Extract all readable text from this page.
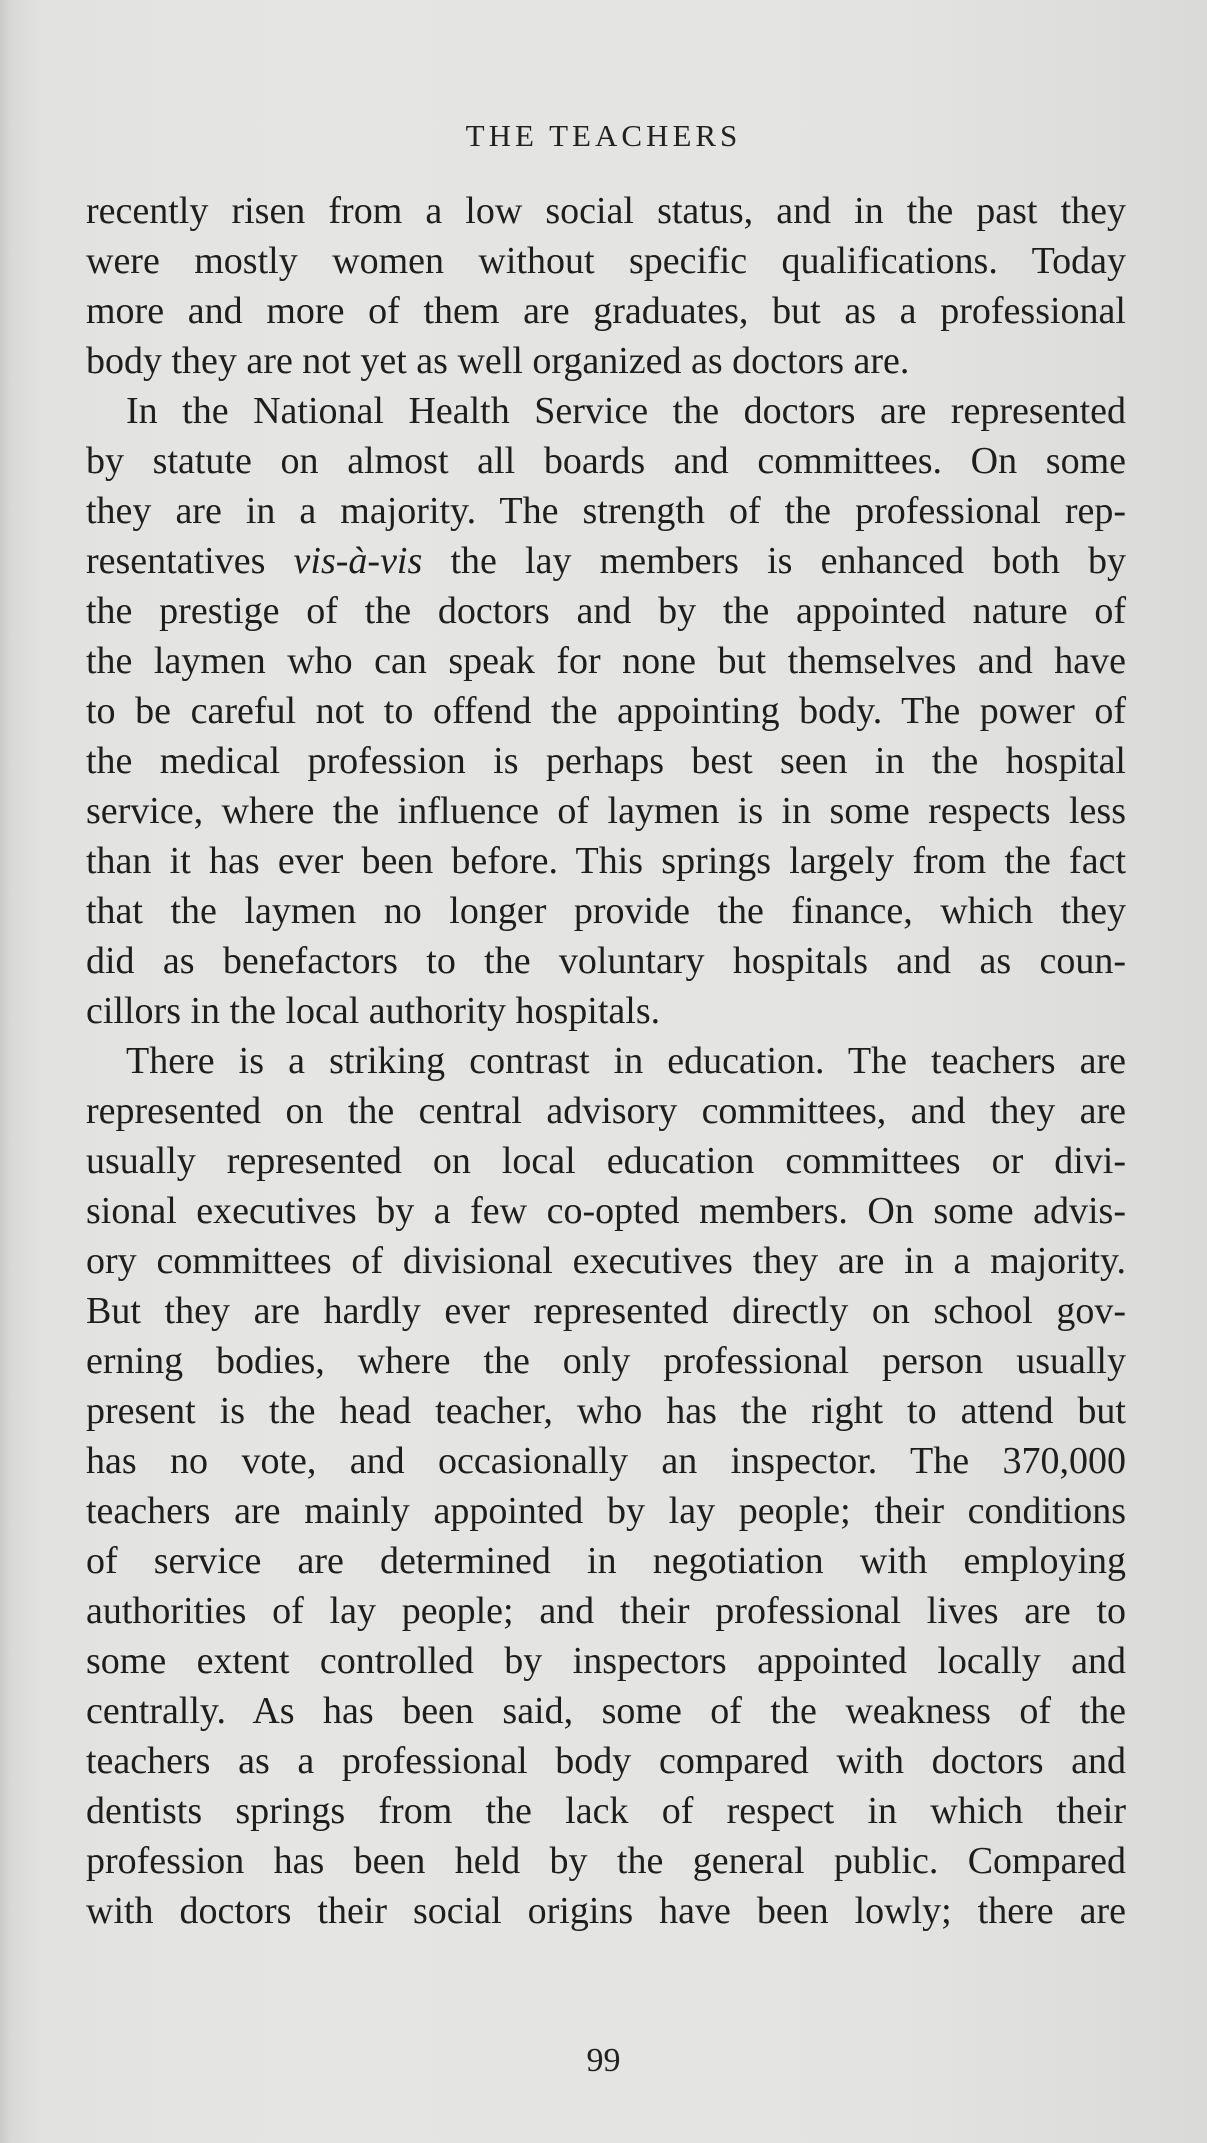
THE TEACHERS
recently risen from a low social status, and in the past they
were mostly women without specific qualifications. Today
more and more of them are graduates, but as a professional
body they are not yet as well organized as doctors are.
In the National Health Service the doctors are represented
by statute on almost all boards and committees. On some
they are in a majority. The strength of the professional rep-
resentatives vis-à-vis the lay members is enhanced both by
the prestige of the doctors and by the appointed nature of
the laymen who can speak for none but themselves and have
to be careful not to offend the appointing body. The power of
the medical profession is perhaps best seen in the hospital
service, where the influence of laymen is in some respects less
than it has ever been before. This springs largely from the fact
that the laymen no longer provide the finance, which they
did as benefactors to the voluntary hospitals and as coun-
cillors in the local authority hospitals.
There is a striking contrast in education. The teachers are
represented on the central advisory committees, and they are
usually represented on local education committees or divi-
sional executives by a few co-opted members. On some advis-
ory committees of divisional executives they are in a majority.
But they are hardly ever represented directly on school gov-
erning bodies, where the only professional person usually
present is the head teacher, who has the right to attend but
has no vote, and occasionally an inspector. The 370,000
teachers are mainly appointed by lay people; their conditions
of service are determined in negotiation with employing
authorities of lay people; and their professional lives are to
some extent controlled by inspectors appointed locally and
centrally. As has been said, some of the weakness of the
teachers as a professional body compared with doctors and
dentists springs from the lack of respect in which their
profession has been held by the general public. Compared
with doctors their social origins have been lowly; there are
99
